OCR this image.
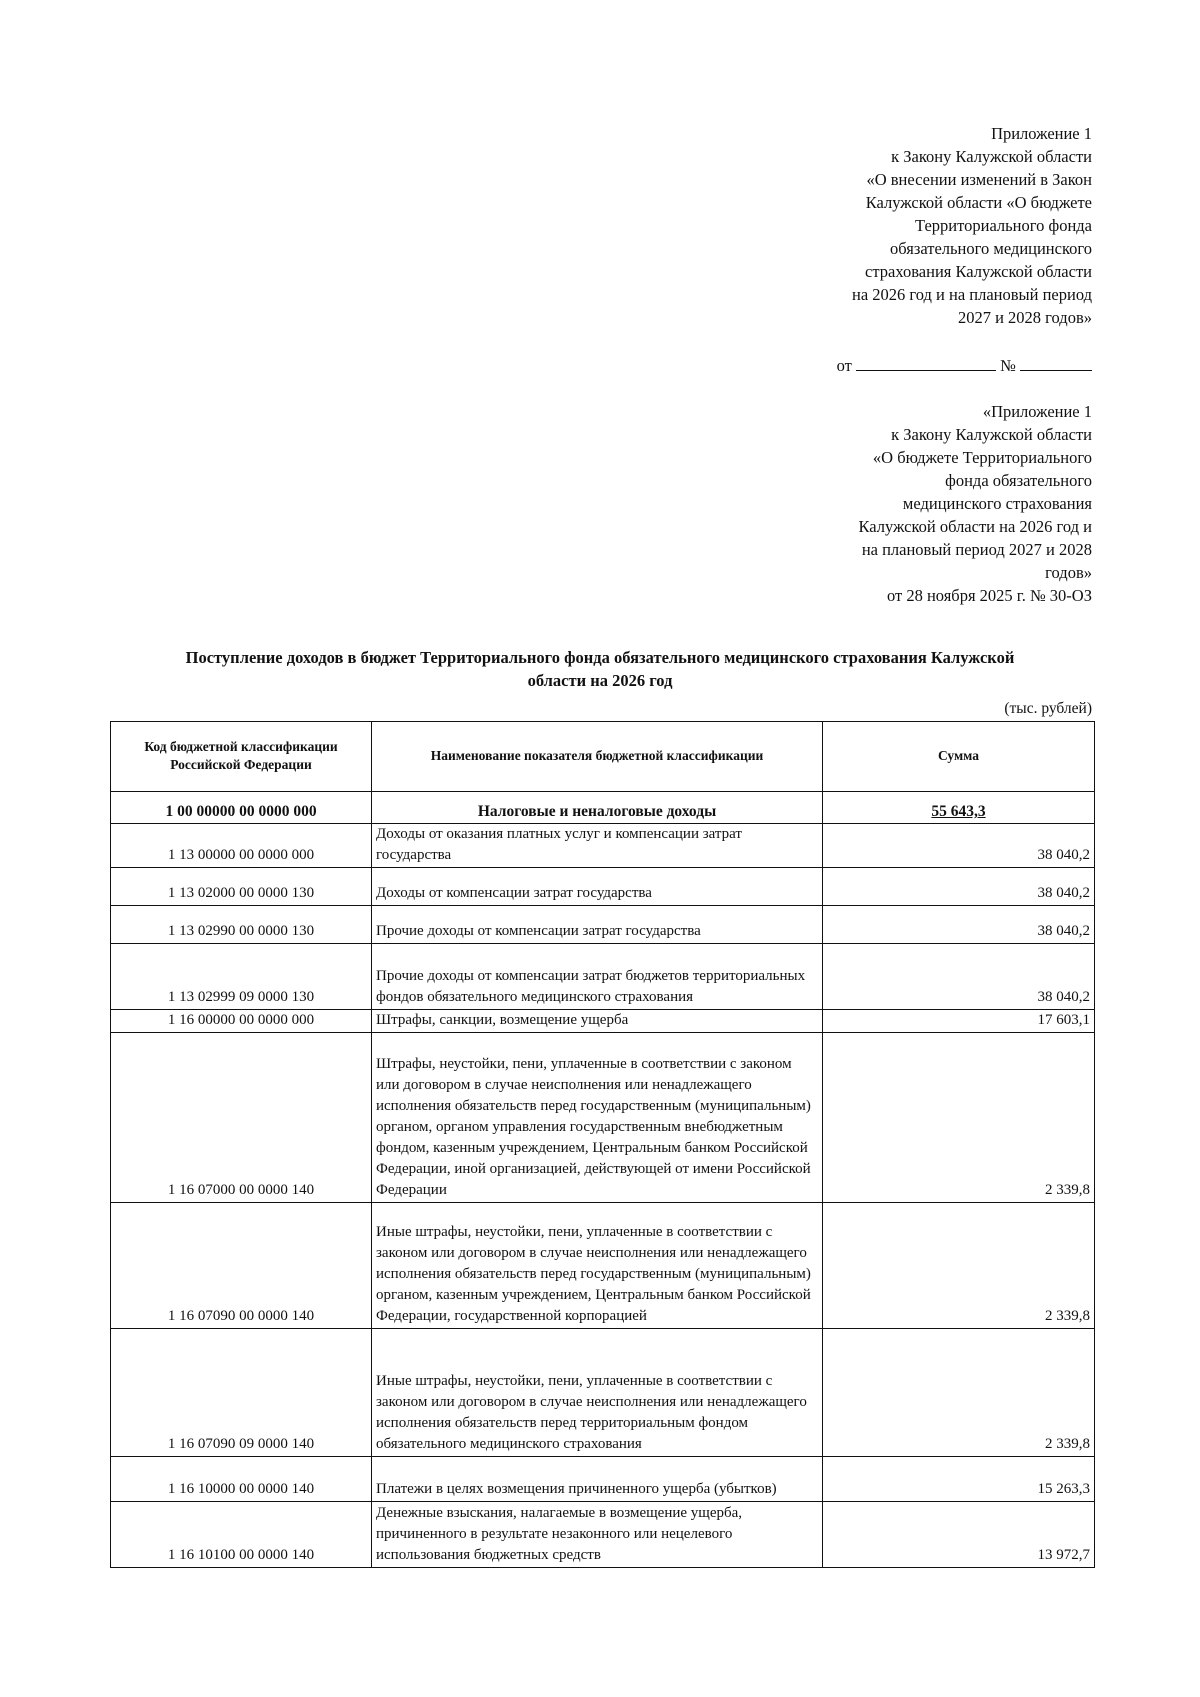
Приложение 1
к Закону Калужской области
«О внесении изменений в Закон
Калужской области «О бюджете
Территориального фонда
обязательного медицинского
страхования Калужской области
на 2026 год и на плановый период
2027 и 2028 годов»
от	№
«Приложение 1
к Закону Калужской области
«О бюджете Территориального
фонда обязательного
медицинского страхования
Калужской области на 2026 год и
на плановый период 2027 и 2028
годов»
от 28 ноября 2025 г. № 30-ОЗ
Поступление доходов в бюджет Территориального фонда обязательного медицинского страхования Калужской
области на 2026 год
(тыс. рублей)
Код бюджетной классификации Российской Федерации	Наименование показателя бюджетной классификации	Сумма
1 00 00000 00 0000 000	Налоговые и неналоговые доходы	55 643,3
1 13 00000 00 0000 000	Доходы от оказания платных услуг и компенсации затрат государства	38 040,2
1 13 02000 00 0000 130	Доходы от компенсации затрат государства	38 040,2
1 13 02990 00 0000 130	Прочие доходы от компенсации затрат государства	38 040,2
1 13 02999 09 0000 130	Прочие доходы от компенсации затрат бюджетов территориальных фондов обязательного медицинского страхования	38 040,2
1 16 00000 00 0000 000	Штрафы, санкции, возмещение ущерба	17 603,1
1 16 07000 00 0000 140	Штрафы, неустойки, пени, уплаченные в соответствии с законом или договором в случае неисполнения или ненадлежащего исполнения обязательств перед государственным (муниципальным) органом, органом управления государственным внебюджетным фондом, казенным учреждением, Центральным банком Российской Федерации, иной организацией, действующей от имени Российской Федерации	2 339,8
1 16 07090 00 0000 140	Иные штрафы, неустойки, пени, уплаченные в соответствии с законом или договором в случае неисполнения или ненадлежащего исполнения обязательств перед государственным (муниципальным) органом, казенным учреждением, Центральным банком Российской Федерации, государственной корпорацией	2 339,8
1 16 07090 09 0000 140	Иные штрафы, неустойки, пени, уплаченные в соответствии с законом или договором в случае неисполнения или ненадлежащего исполнения обязательств перед территориальным фондом обязательного медицинского страхования	2 339,8
1 16 10000 00 0000 140	Платежи в целях возмещения причиненного ущерба (убытков)	15 263,3
1 16 10100 00 0000 140	Денежные взыскания, налагаемые в возмещение ущерба, причиненного в результате незаконного или нецелевого использования бюджетных средств	13 972,7
